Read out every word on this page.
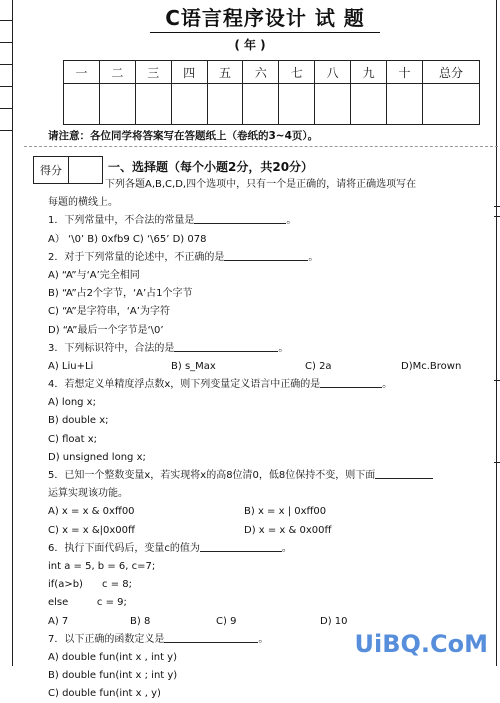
C语言程序设计 试 题
( 年 )
一	二	三	四	五	六	七	八	九	十	总分

请注意：各位同学将答案写在答题纸上（卷纸的3~4页）。
得分	一、选择题（每个小题2分，共20分）
下列各题A,B,C,D,四个选项中，只有一个是正确的，请将正确选项写在
每题的横线上。
1．下列常量中，不合法的常量是	。
A） ‘\0’ B) 0xfb9 C) ‘\65’ D) 078
2．对于下列常量的论述中，不正确的是	。
A) “A”与‘A’完全相同
B) “A”占2个字节，‘A’占1个字节
C) “A”是字符串，‘A’为字符
D) “A”最后一个字节是‘\0’
3．下列标识符中，合法的是	。
A) Liu+Li	B) s_Max	C) 2a	D)Mc.Brown
4．若想定义单精度浮点数x，则下列变量定义语言中正确的是	。
A) long x;
B) double x;
C) float x;
D) unsigned long x;
5．已知一个整数变量x，若实现将x的高8位清0，低8位保持不变，则下面
运算实现该功能。
A) x = x & 0xff00	B) x = x | 0xff00
C) x = x &|0x00ff	D) x = x & 0x00ff
6．执行下面代码后，变量c的值为	。
int a = 5, b = 6, c=7;
if(a>b)      c = 8;
else         c = 9;
A) 7	B) 8	C) 9	D) 10
7．以下正确的函数定义是	。
A) double fun(int x , int y)
B) double fun(int x ; int y)
C) double fun(int x , y)
UiBQ.CoM
